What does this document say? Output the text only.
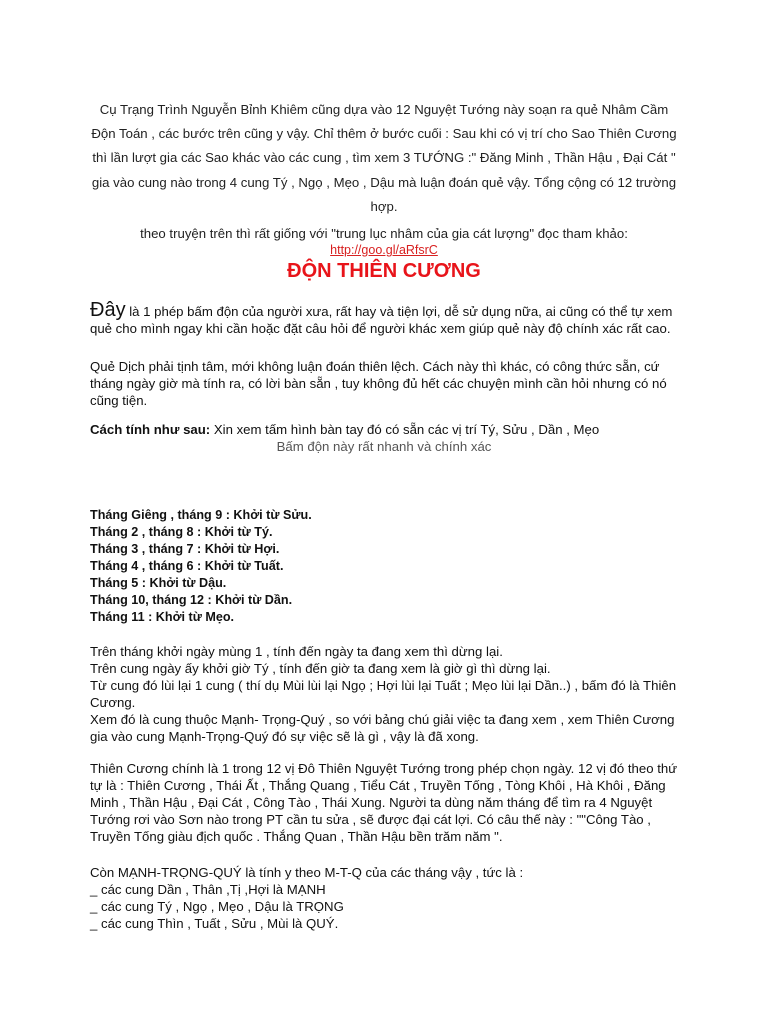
Cụ Trạng Trình Nguyễn Bỉnh Khiêm cũng dựa vào 12 Nguyệt Tướng này soạn ra quẻ Nhâm Cầm Độn Toán , các bước trên cũng y vậy. Chỉ thêm ở bước cuối : Sau khi có vị trí cho Sao Thiên Cương thì lần lượt gia các Sao khác vào các cung , tìm xem 3 TƯỚNG :" Đăng Minh , Thần Hậu , Đại Cát " gia vào cung nào trong 4 cung Tý , Ngọ , Mẹo , Dậu mà luận đoán quẻ vậy. Tổng cộng có 12 trường hợp.
theo truyện trên thì rất giống với "trung lục nhâm của gia cát lượng" đọc tham khảo:
http://goo.gl/aRfsrC
ĐỘN THIÊN CƯƠNG
Đây là 1 phép bấm độn của người xưa, rất hay và tiện lợi, dễ sử dụng nữa, ai cũng có thể tự xem quẻ cho mình ngay khi cần hoặc đặt câu hỏi để người khác xem giúp quẻ này độ chính xác rất cao.
Quẻ Dịch phải tịnh tâm, mới không luận đoán thiên lệch. Cách này thì khác, có công thức sẵn, cứ tháng ngày giờ mà tính ra, có lời bàn sẵn , tuy không đủ hết các chuyện mình cần hỏi nhưng có nó cũng tiện.
Cách tính như sau: Xin xem tấm hình bàn tay đó có sẵn các vị trí Tý, Sửu , Dần , Mẹo
Bấm độn này rất nhanh và chính xác
Tháng Giêng , tháng 9 : Khởi từ Sửu.
Tháng 2 , tháng 8 : Khởi từ Tý.
Tháng 3 , tháng 7 : Khởi từ Hợi.
Tháng 4 , tháng 6 : Khởi từ Tuất.
Tháng 5 : Khởi từ Dậu.
Tháng 10, tháng 12 : Khởi từ Dần.
Tháng 11 : Khởi từ Mẹo.
Trên tháng khởi ngày mùng 1 , tính đến ngày ta đang xem thì dừng lại.
Trên cung ngày ấy khởi giờ Tý , tính đến giờ ta đang xem là giờ gì thì dừng lại.
Từ cung đó lùi lại 1 cung ( thí dụ Mùi lùi lại Ngọ ; Hợi lùi lại Tuất ; Mẹo lùi lại Dần..) , bấm đó là Thiên Cương.
Xem đó là cung thuộc Mạnh- Trọng-Quý , so với bảng chú giải việc ta đang xem , xem Thiên Cương gia vào cung Mạnh-Trọng-Quý đó sự việc sẽ là gì , vậy là đã xong.
Thiên Cương chính là 1 trong 12 vị Đô Thiên Nguyệt Tướng trong phép chọn ngày. 12 vị đó theo thứ tự là : Thiên Cương , Thái Ất , Thắng Quang , Tiểu Cát , Truyền Tống , Tòng Khôi , Hà Khôi , Đăng Minh , Thần Hậu , Đại Cát , Công Tào , Thái Xung. Người ta dùng năm tháng để tìm ra 4 Nguyệt Tướng rơi vào Sơn nào trong PT cần tu sửa , sẽ được đại cát lợi. Có câu thế này : ""Công Tào , Truyền Tống giàu địch quốc . Thắng Quan , Thần Hậu bền trăm năm ".
Còn MẠNH-TRỌNG-QUÝ là tính y theo M-T-Q của các tháng vậy , tức là :
_ các cung Dần , Thân ,Tị ,Hợi là MẠNH
_ các cung Tý , Ngọ , Mẹo , Dậu là TRỌNG
_ các cung Thìn , Tuất , Sửu , Mùi là QUÝ.
